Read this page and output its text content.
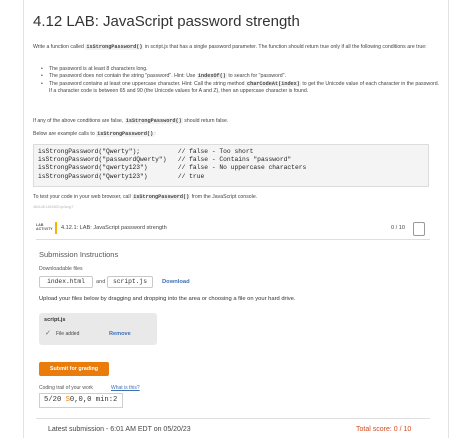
4.12 LAB: JavaScript password strength

Write a function called isStrongPassword() in script.js that has a single password parameter. The function should return true only if all the following conditions are true:

• The password is at least 8 characters long.
• The password does not contain the string "password". Hint: Use indexOf() to search for "password".
• The password contains at least one uppercase character. Hint: Call the string method charCodeAt(index) to get the Unicode value of each character in the password. If a character code is between 65 and 90 (the Unicode values for A and Z), then an uppercase character is found.

If any of the above conditions are false, isStrongPassword() should return false.

Below are example calls to isStrongPassword():

isStrongPassword("Qwerty");          // false - Too short
isStrongPassword("passwordQwerty")   // false - Contains "password"
isStrongPassword("qwerty123")        // false - No uppercase characters
isStrongPassword("Qwerty123")        // true

To test your code in your web browser, call isStrongPassword() from the JavaScript console.

484148.1491600.qx3zqy7
LAB
ACTIVITY 4.12.1: LAB: JavaScript password strength	0 / 10
Submission Instructions
Downloadable files
index.html	and	script.js	Download
Upload your files below by dragging and dropping into the area or choosing a file on your hard drive.
script.js
✓ File added	Remove
Submit for grading
Coding trail of your work	What is this?
5/20 S0,0,0 min:2
Latest submission - 6:01 AM EDT on 05/20/23	Total score: 0 / 10
